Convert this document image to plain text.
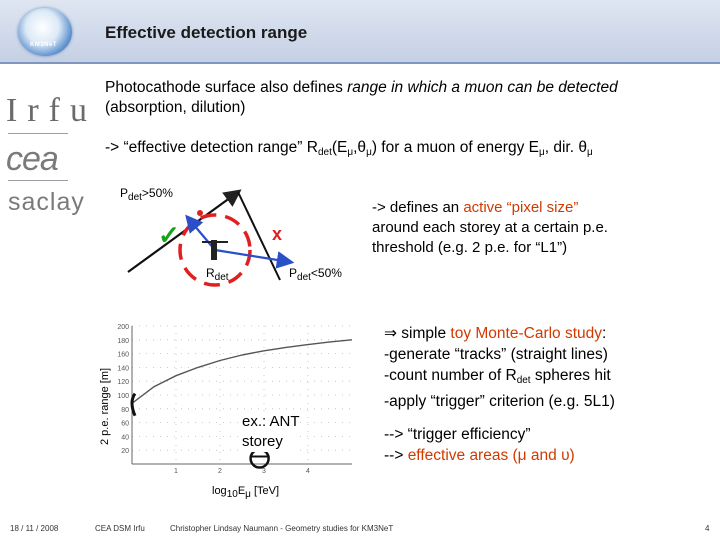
KM3NeT
Effective detection range
Irfu
cea
saclay
Photocathode surface also defines range in which a muon can be detected
(absorption, dilution)
-> “effective detection range” $R_{det}(E_\mu,\theta_\mu)$ for a muon of energy $E_\mu$, dir. $\theta_\mu$
-> defines an active “pixel size”
around each storey at a certain p.e.
threshold (e.g. 2 p.e. for “L1”)
$P_{det}>50\%$
$P_{det}<50\%$
$R_{det}$
✓	x
2 p.e. range [m]
200
180
160
140
120
100
80
60
40
20
1	2	3	4
$\log_{10}E_\mu$ [TeV]
ex.: ANT
storey
⇒ simple toy Monte-Carlo study:
-generate “tracks” (straight lines)
-count number of $R_{det}$ spheres hit
-apply “trigger” criterion (e.g. 5L1)
--> “trigger efficiency”
--> effective areas (μ and υ)
18 / 11 / 2008	CEA DSM Irfu	Christopher Lindsay Naumann - Geometry studies for KM3NeT	4
